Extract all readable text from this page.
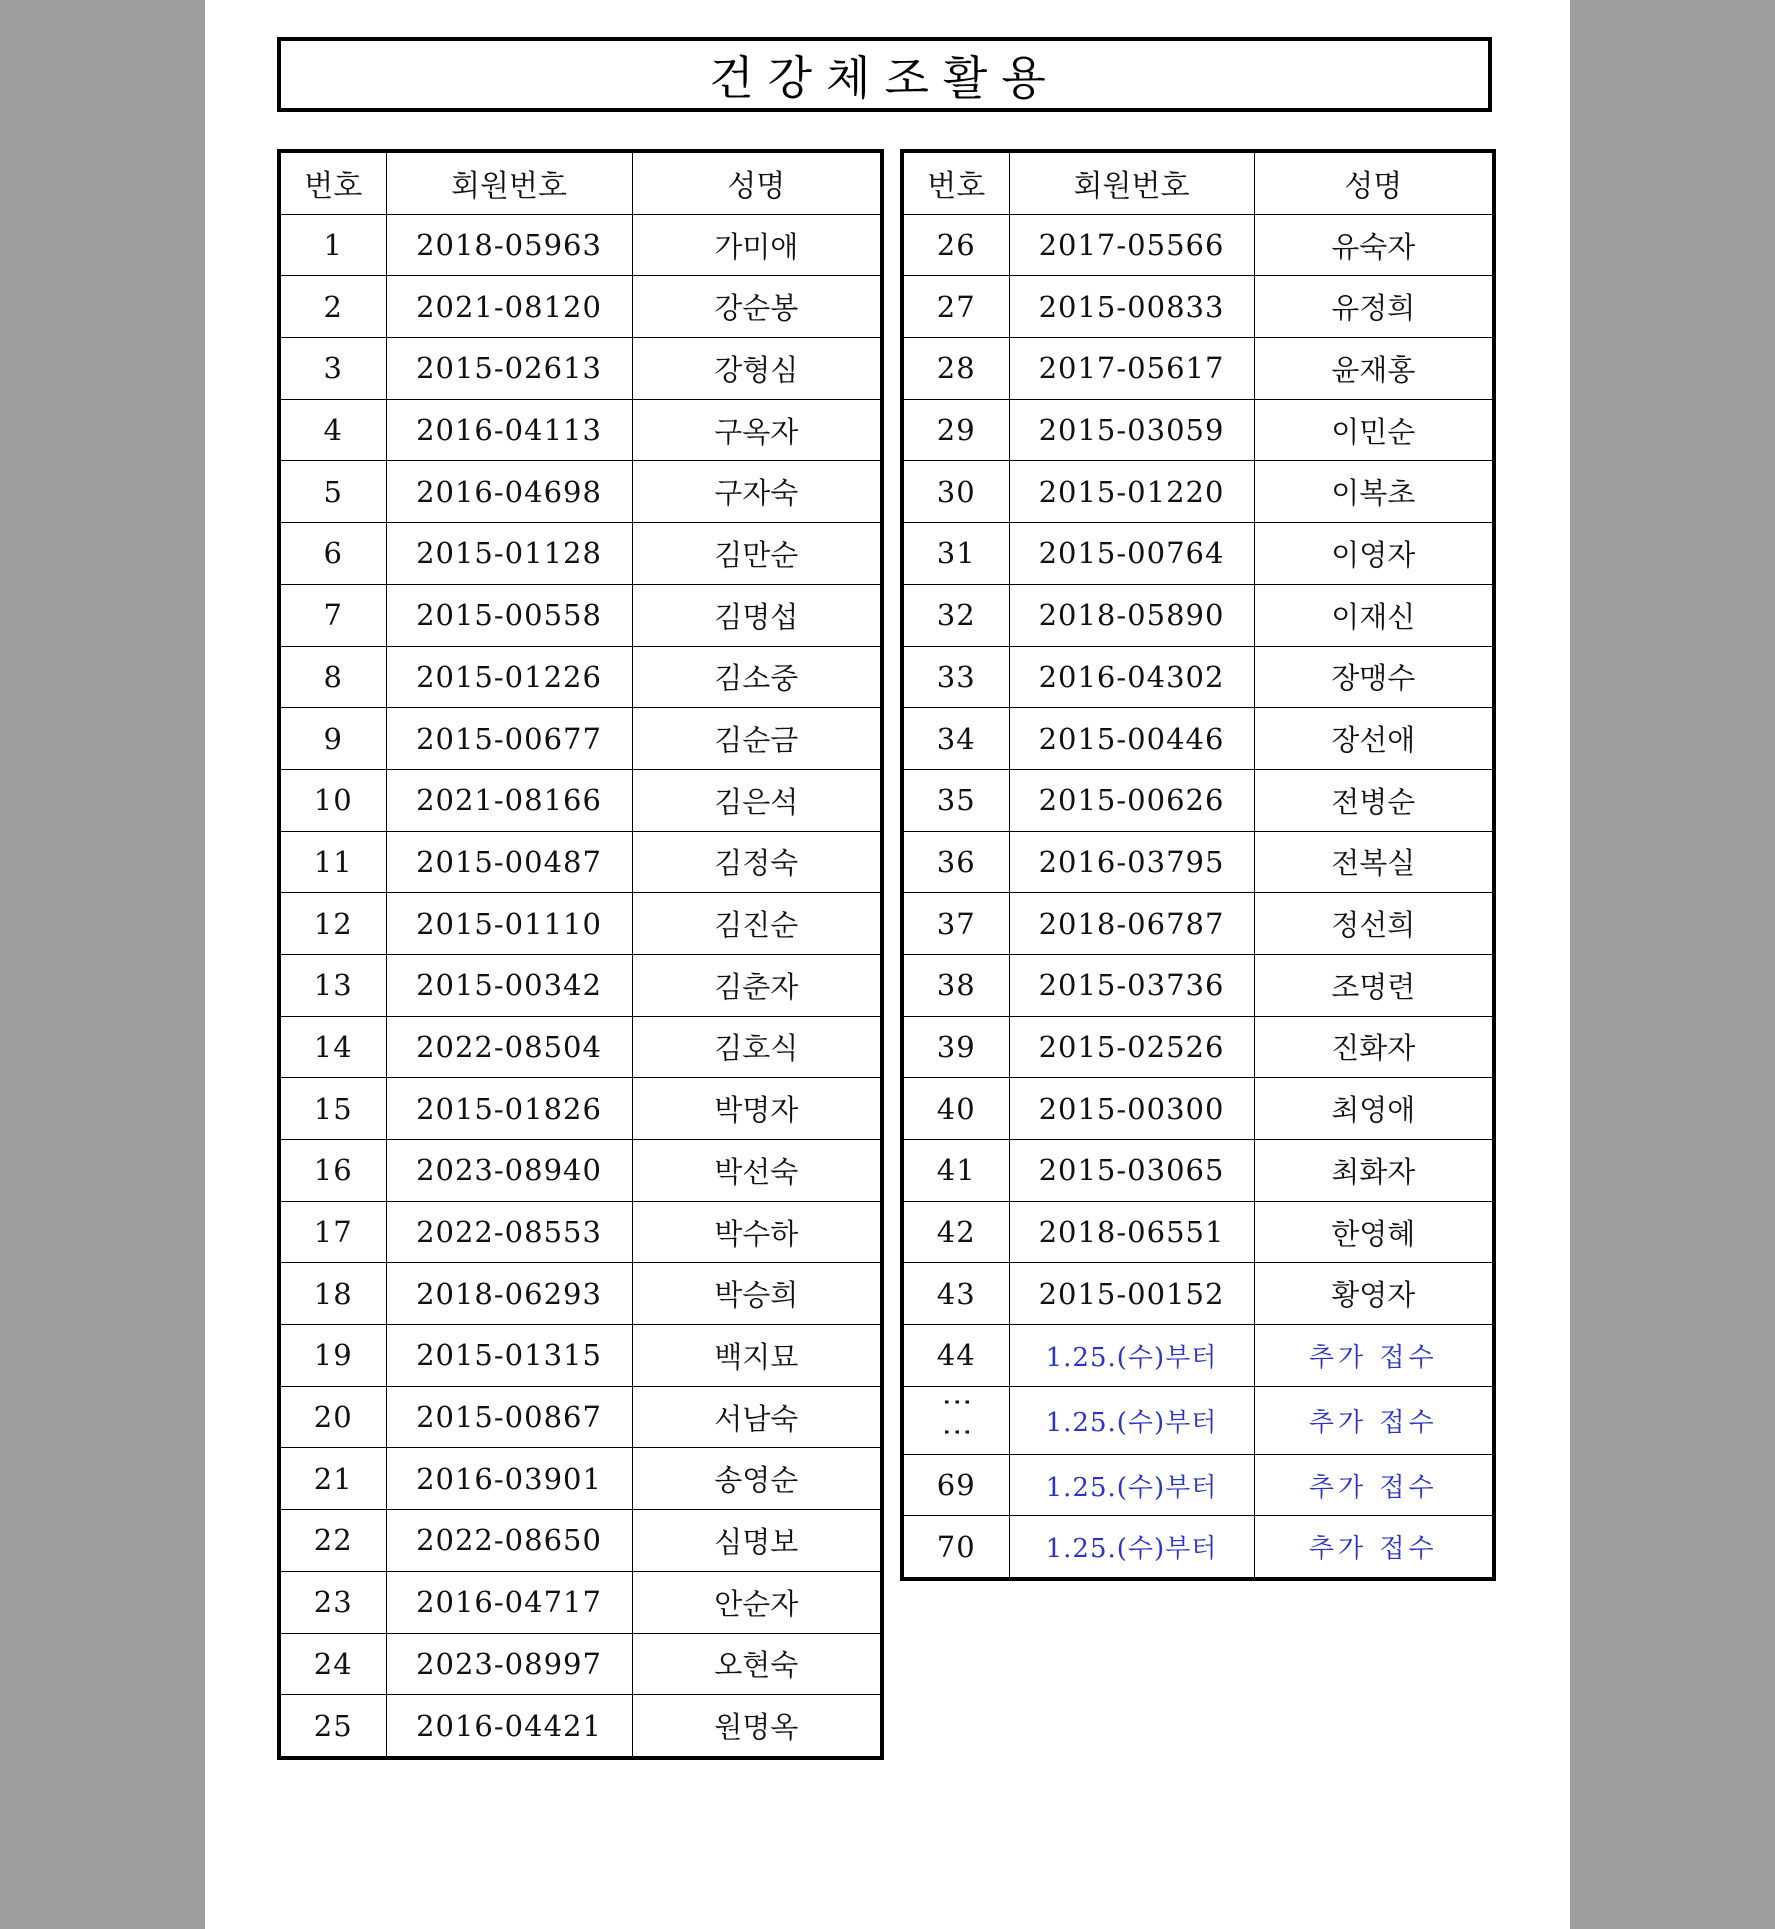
건강체조활용
번호	회원번호	성명
1	2018-05963	가미애
2	2021-08120	강순봉
3	2015-02613	강형심
4	2016-04113	구옥자
5	2016-04698	구자숙
6	2015-01128	김만순
7	2015-00558	김명섭
8	2015-01226	김소중
9	2015-00677	김순금
10	2021-08166	김은석
11	2015-00487	김정숙
12	2015-01110	김진순
13	2015-00342	김춘자
14	2022-08504	김호식
15	2015-01826	박명자
16	2023-08940	박선숙
17	2022-08553	박수하
18	2018-06293	박승희
19	2015-01315	백지묘
20	2015-00867	서남숙
21	2016-03901	송영순
22	2022-08650	심명보
23	2016-04717	안순자
24	2023-08997	오현숙
25	2016-04421	원명옥
번호	회원번호	성명
26	2017-05566	유숙자
27	2015-00833	유정희
28	2017-05617	윤재홍
29	2015-03059	이민순
30	2015-01220	이복초
31	2015-00764	이영자
32	2018-05890	이재신
33	2016-04302	장맹수
34	2015-00446	장선애
35	2015-00626	전병순
36	2016-03795	전복실
37	2018-06787	정선희
38	2015-03736	조명련
39	2015-02526	진화자
40	2015-00300	최영애
41	2015-03065	최화자
42	2018-06551	한영혜
43	2015-00152	황영자
44	1.25.(수)부터	추가 접수
⋮⋮	1.25.(수)부터	추가 접수

69	1.25.(수)부터	추가 접수
70	1.25.(수)부터	추가 접수
